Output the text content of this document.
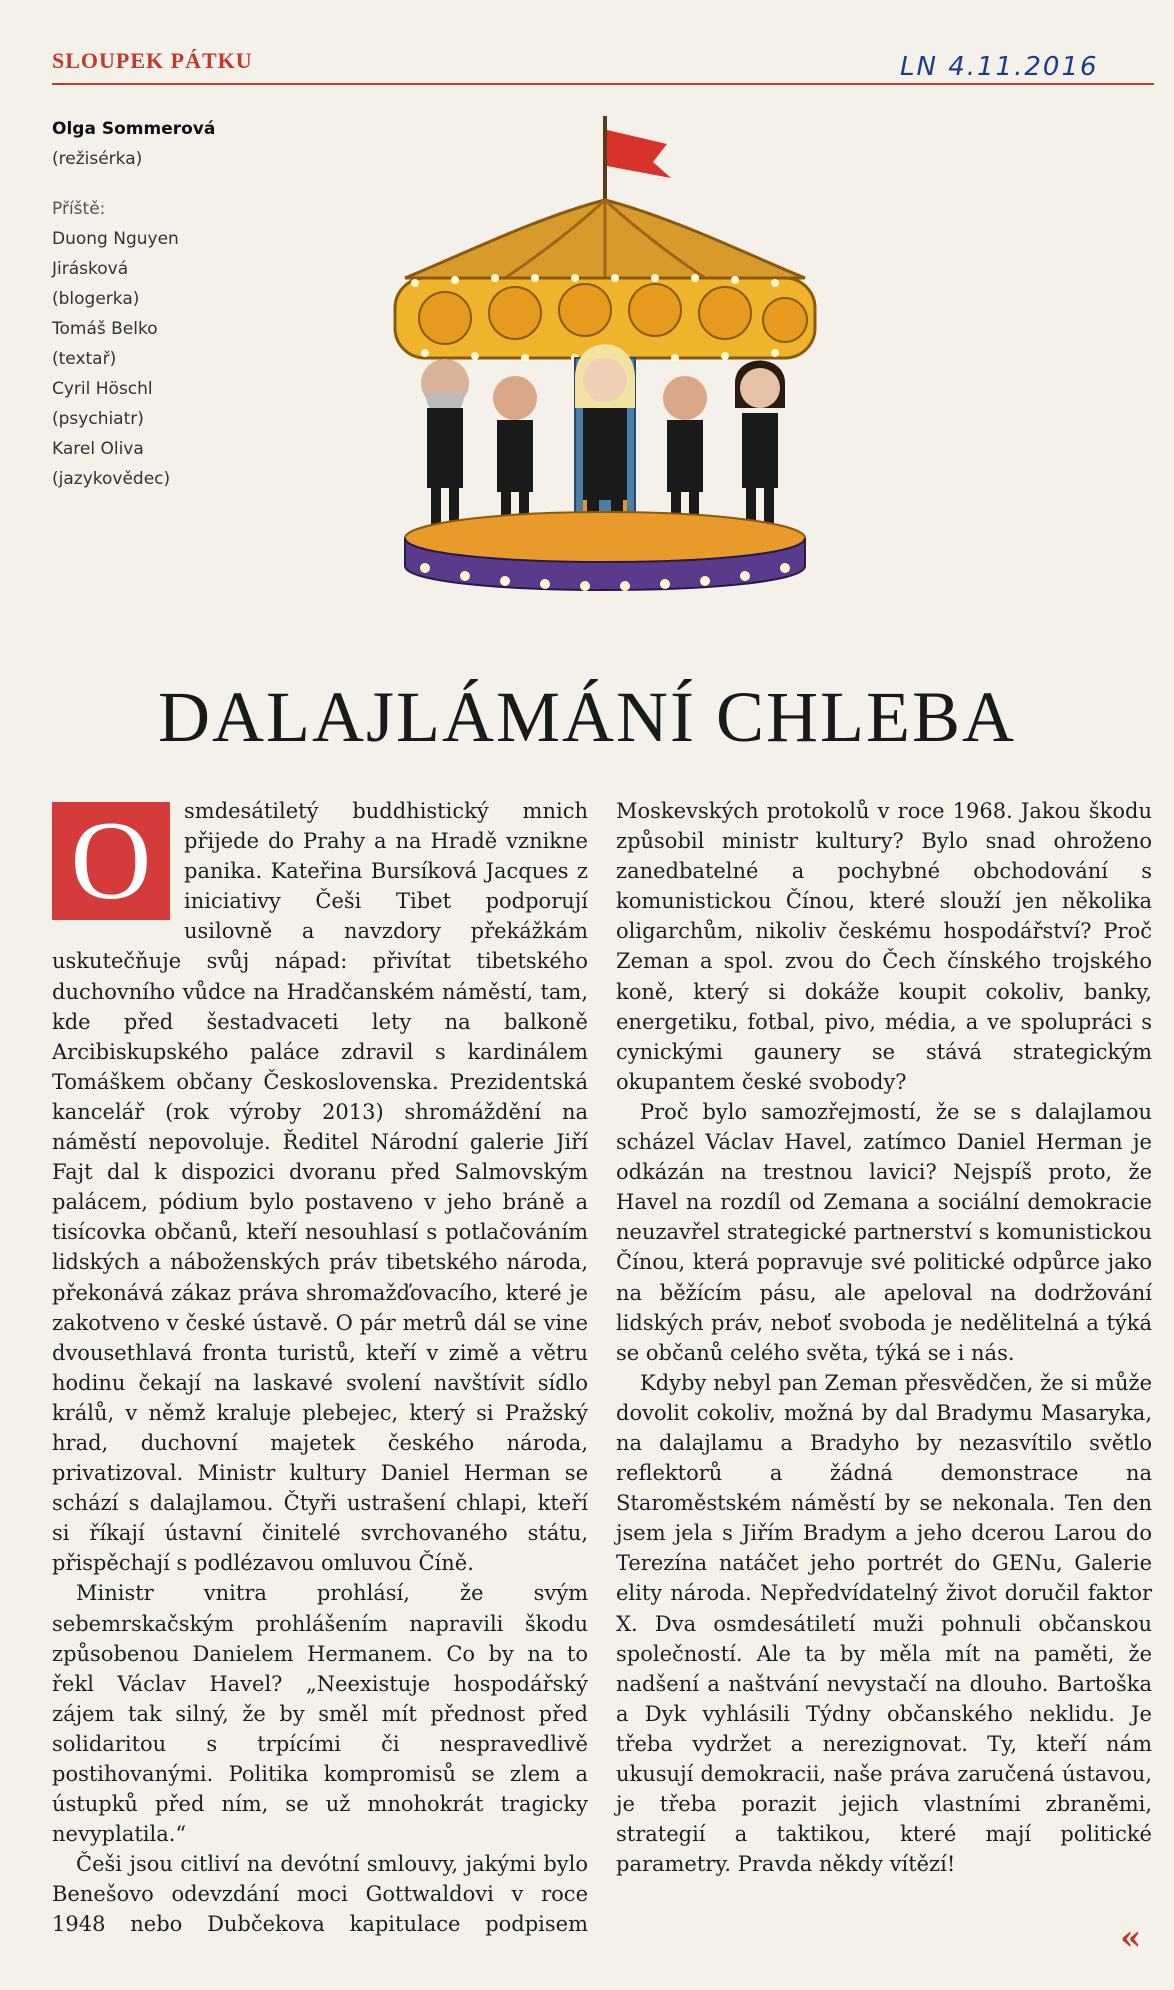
SLOUPEK PÁTKU	LN 4.11.2016
Olga Sommerová
(režisérka)
Příště:
Duong Nguyen
Jirásková
(blogerka)
Tomáš Belko
(textař)
Cyril Höschl
(psychiatr)
Karel Oliva
(jazykovědec)
DALAJLÁMÁNÍ CHLEBA

O	smdesátiletý buddhistický mnich přijede do Prahy a na Hradě vznikne panika. Kateřina Bursíková Jacques z iniciativy Češi Tibet podporují usilovně a navzdory překážkám uskutečňuje svůj nápad: přivítat tibetského duchovního vůdce na Hradčanském náměstí, tam, kde před šestadvaceti lety na balkoně Arcibiskupského paláce zdravil s kardinálem Tomáškem občany Československa. Prezidentská kancelář (rok výroby 2013) shromáždění na náměstí nepovoluje. Ředitel Národní galerie Jiří Fajt dal k dispozici dvoranu před Salmovským palácem, pódium bylo postaveno v jeho bráně a tisícovka občanů, kteří nesouhlasí s potlačováním lidských a náboženských práv tibetského národa, překonává zákaz práva shromažďovacího, které je zakotveno v české ústavě. O pár metrů dál se vine dvousethlavá fronta turistů, kteří v zimě a větru hodinu čekají na laskavé svolení navštívit sídlo králů, v němž kraluje plebejec, který si Pražský hrad, duchovní majetek českého národa, privatizoval. Ministr kultury Daniel Herman se schází s dalajlamou. Čtyři ustrašení chlapi, kteří si říkají ústavní činitelé svrchovaného státu, přispěchají s podlézavou omluvou Číně.

Ministr vnitra prohlásí, že svým sebemrskačským prohlášením napravili škodu způsobenou Danielem Hermanem. Co by na to řekl Václav Havel? „Neexistuje hospodářský zájem tak silný, že by směl mít přednost před solidaritou s trpícími či nespravedlivě postihovanými. Politika kompromisů se zlem a ústupků před ním, se už mnohokrát tragicky nevyplatila.“

Češi jsou citliví na devótní smlouvy, jakými bylo Benešovo odevzdání moci Gottwaldovi v roce 1948 nebo Dubčekova kapitulace podpisem Moskevských protokolů v roce 1968. Jakou škodu způsobil ministr kultury? Bylo snad ohroženo zanedbatelné a pochybné obchodování s komunistickou Čínou, které slouží jen několika oligarchům, nikoliv českému hospodářství? Proč Zeman a spol. zvou do Čech čínského trojského koně, který si dokáže koupit cokoliv, banky, energetiku, fotbal, pivo, média, a ve spolupráci s cynickými gaunery se stává strategickým okupantem české svobody?

Proč bylo samozřejmostí, že se s dalajlamou scházel Václav Havel, zatímco Daniel Herman je odkázán na trestnou lavici? Nejspíš proto, že Havel na rozdíl od Zemana a sociální demokracie neuzavřel strategické partnerství s komunistickou Čínou, která popravuje své politické odpůrce jako na běžícím pásu, ale apeloval na dodržování lidských práv, neboť svoboda je nedělitelná a týká se občanů celého světa, týká se i nás.

Kdyby nebyl pan Zeman přesvědčen, že si může dovolit cokoliv, možná by dal Bradymu Masaryka, na dalajlamu a Bradyho by nezasvítilo světlo reflektorů a žádná demonstrace na Staroměstském náměstí by se nekonala. Ten den jsem jela s Jiřím Bradym a jeho dcerou Larou do Terezína natáčet jeho portrét do GENu, Galerie elity národa. Nepředvídatelný život doručil faktor X. Dva osmdesátiletí muži pohnuli občanskou společností. Ale ta by měla mít na paměti, že nadšení a naštvání nevystačí na dlouho. Bartoška a Dyk vyhlásili Týdny občanského neklidu. Je třeba vydržet a nerezignovat. Ty, kteří nám ukusují demokracii, naše práva zaručená ústavou, je třeba porazit jejich vlastními zbraněmi, strategií a taktikou, které mají politické parametry. Pravda někdy vítězí!

«
